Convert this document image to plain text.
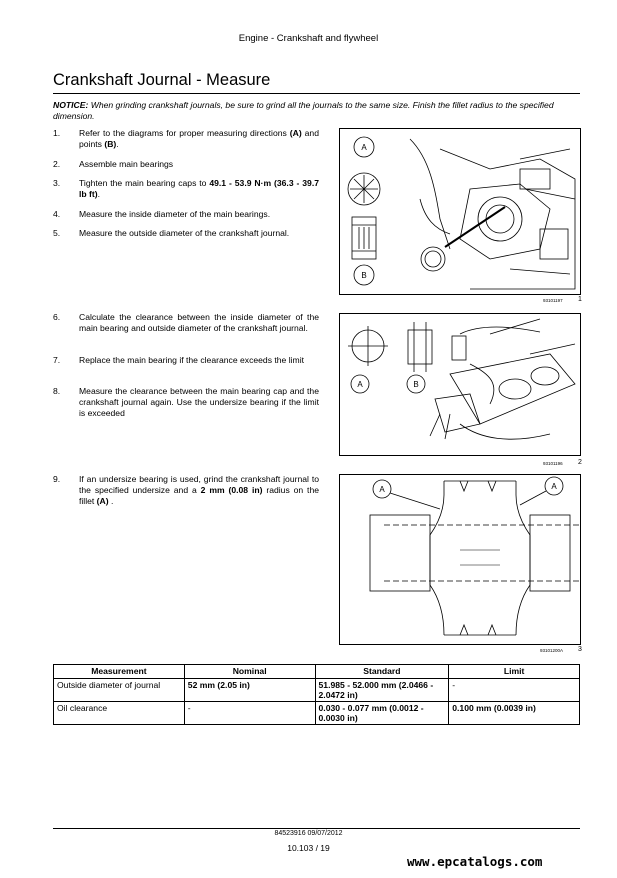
Engine - Crankshaft and flywheel
Crankshaft Journal - Measure
NOTICE: When grinding crankshaft journals, be sure to grind all the journals to the same size. Finish the fillet radius to the specified dimension.
1. Refer to the diagrams for proper measuring directions (A) and points (B).
2. Assemble main bearings
3. Tighten the main bearing caps to 49.1 - 53.9 N·m (36.3 - 39.7 lb ft).
4. Measure the inside diameter of the main bearings.
5. Measure the outside diameter of the crankshaft journal.
A
B
93101197 1
6. Calculate the clearance between the inside diameter of the main bearing and outside diameter of the crankshaft journal.
7. Replace the main bearing if the clearance exceeds the limit
8. Measure the clearance between the main bearing cap and the crankshaft journal again. Use the undersize bearing if the limit is exceeded
A	B
93101196 2
9. If an undersize bearing is used, grind the crankshaft journal to the specified undersize and a 2 mm (0.08 in) radius on the fillet (A) .
A	A
93101200A 3
Measurement	Nominal	Standard	Limit
Outside diameter of journal	52 mm (2.05 in)	51.985 - 52.000 mm (2.0466 - 2.0472 in)	-
Oil clearance	-	0.030 - 0.077 mm (0.0012 - 0.0030 in)	0.100 mm (0.0039 in)
84523916 09/07/2012
10.103 / 19
www.epcatalogs.com
